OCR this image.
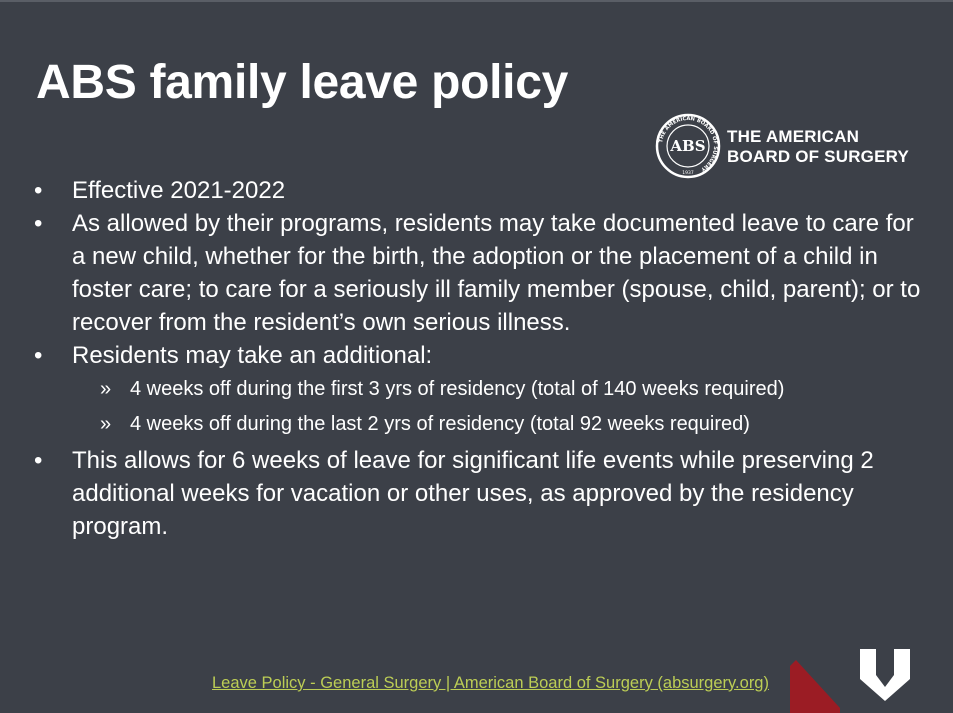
ABS family leave policy
THE AMERICAN BOARD OF SURGERY
ABS
1937
THE AMERICAN
BOARD OF SURGERY
• Effective 2021-2022
• As allowed by their programs, residents may take documented leave to care for a new child, whether for the birth, the adoption or the placement of a child in foster care; to care for a seriously ill family member (spouse, child, parent); or to recover from the resident’s own serious illness.
• Residents may take an additional:
» 4 weeks off during the first 3 yrs of residency (total of 140 weeks required)
» 4 weeks off during the last 2 yrs of residency (total 92 weeks required)
• This allows for 6 weeks of leave for significant life events while preserving 2 additional weeks for vacation or other uses, as approved by the residency program.
Leave Policy - General Surgery | American Board of Surgery (absurgery.org)
